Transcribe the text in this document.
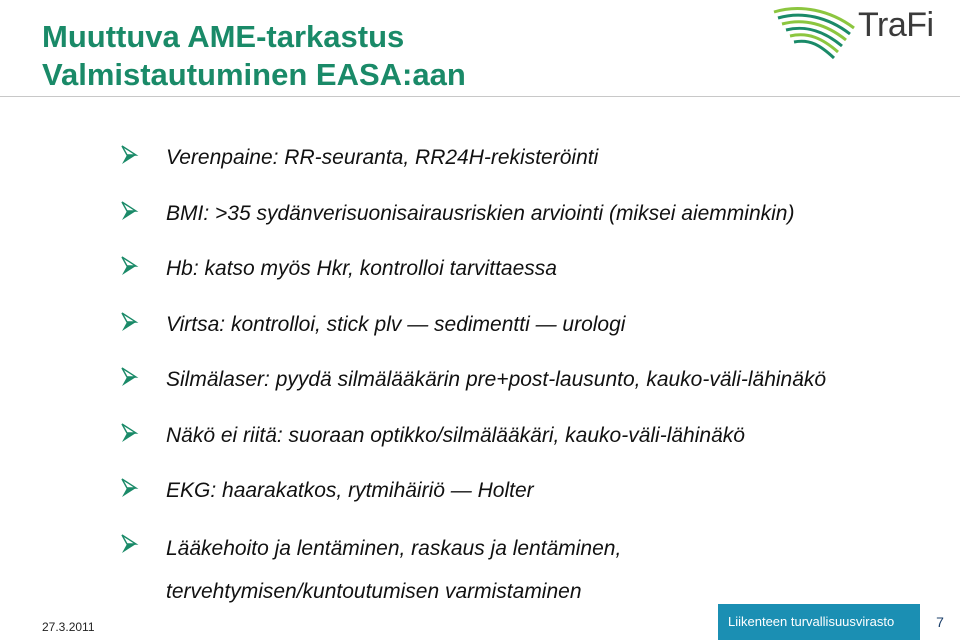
Muuttuva AME-tarkastus
Valmistautuminen EASA:aan
TraFi
Verenpaine: RR-seuranta, RR24H-rekisteröinti
BMI: >35 sydänverisuonisairausriskien arviointi (miksei aiemminkin)
Hb: katso myös Hkr, kontrolloi tarvittaessa
Virtsa: kontrolloi, stick plv — sedimentti — urologi
Silmälaser: pyydä silmälääkärin pre+post-lausunto, kauko-väli-lähinäkö
Näkö ei riitä: suoraan optikko/silmälääkäri, kauko-väli-lähinäkö
EKG: haarakatkos, rytmihäiriö — Holter
Lääkehoito ja lentäminen, raskaus ja lentäminen,
tervehtymisen/kuntoutumisen varmistaminen
27.3.2011	Liikenteen turvallisuusvirasto	7
